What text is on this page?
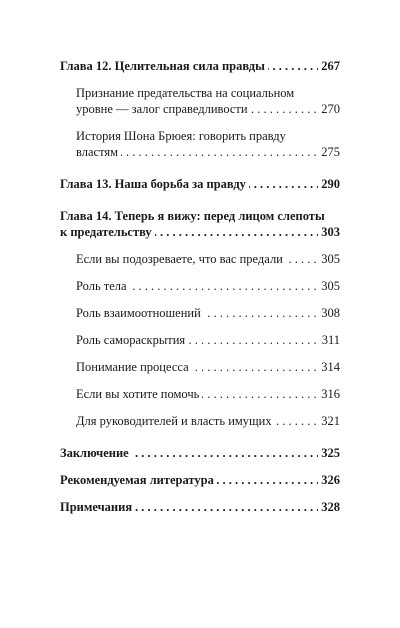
267
Глава 12. Целительная сила правды . . .
Признание предательства на социальном
270
уровне — залог справедливости . . .
История Шона Брюея: говорить правду
275
властям . . .
290
Глава 13. Наша борьба за правду . . .
Глава 14. Теперь я вижу: перед лицом слепоты
303
к предательству . . .
305
Если вы подозреваете, что вас предали . . .
305
Роль тела . . .
308
Роль взаимоотношений . . .
311
Роль самораскрытия . . .
314
Понимание процесса . . .
316
Если вы хотите помочь . . .
321
Для руководителей и власть имущих . . .
325
Заключение . . .
326
Рекомендуемая литература . . .
328
Примечания . . .
